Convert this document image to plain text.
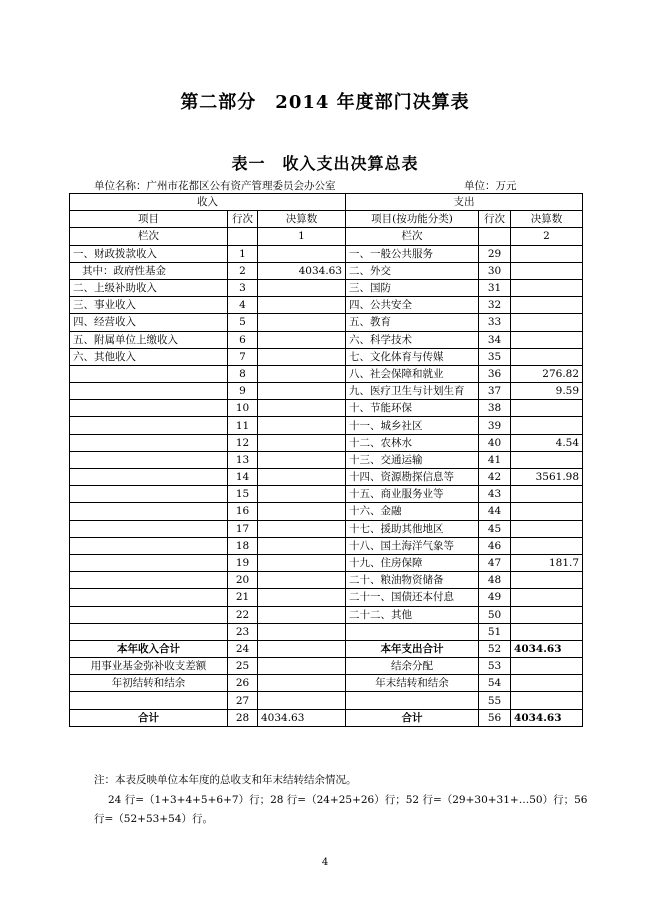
第二部分　2014 年度部门决算表
表一　收入支出决算总表
单位名称：广州市花都区公有资产管理委员会办公室	单位：万元
收入			支出		
项目	行次	决算数	项目(按功能分类)	行次	决算数
栏次		1	栏次		2
一、财政拨款收入	1		一、一般公共服务	29	
其中：政府性基金	2	4034.63	二、外交	30	
二、上级补助收入	3		三、国防	31	
三、事业收入	4		四、公共安全	32	
四、经营收入	5		五、教育	33	
五、附属单位上缴收入	6		六、科学技术	34	
六、其他收入	7		七、文化体育与传媒	35	
	8		八、社会保障和就业	36	276.82
	9		九、医疗卫生与计划生育	37	9.59
	10		十、节能环保	38	
	11		十一、城乡社区	39	
	12		十二、农林水	40	4.54
	13		十三、交通运输	41	
	14		十四、资源勘探信息等	42	3561.98
	15		十五、商业服务业等	43	
	16		十六、金融	44	
	17		十七、援助其他地区	45	
	18		十八、国土海洋气象等	46	
	19		十九、住房保障	47	181.7
	20		二十、粮油物资储备	48	
	21		二十一、国债还本付息	49	
	22		二十二、其他	50	
	23			51	
本年收入合计	24		本年支出合计	52	4034.63
用事业基金弥补收支差额	25		结余分配	53	
年初结转和结余	26		年末结转和结余	54	
	27			55	
合计	28	4034.63	合计	56	4034.63
注：本表反映单位本年度的总收支和年末结转结余情况。
24 行=（1+3+4+5+6+7）行；28 行=（24+25+26）行；52 行=（29+30+31+…50）行；56
行=（52+53+54）行。
4
